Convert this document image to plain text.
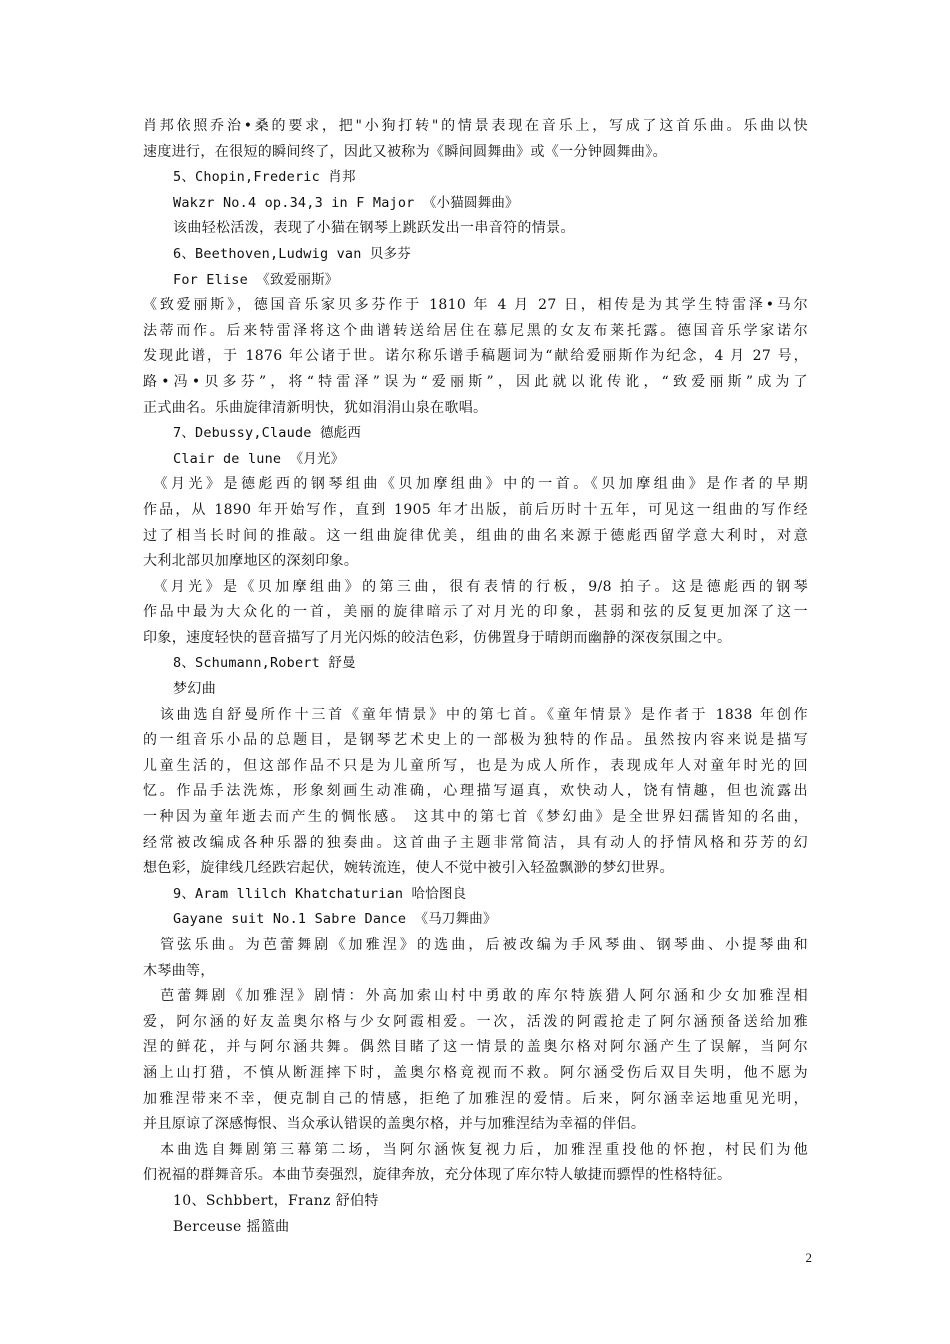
肖邦依照乔治•桑的要求，把"小狗打转"的情景表现在音乐上，写成了这首乐曲。乐曲以快
速度进行，在很短的瞬间终了，因此又被称为《瞬间圆舞曲》或《一分钟圆舞曲》。
5、Chopin,Frederic 肖邦
Wakzr No.4 op.34,3 in F Major 《小猫圆舞曲》
该曲轻松活泼，表现了小猫在钢琴上跳跃发出一串音符的情景。
6、Beethoven,Ludwig van 贝多芬
For Elise 《致爱丽斯》
《致爱丽斯》，德国音乐家贝多芬作于 1810 年 4 月 27 日，相传是为其学生特雷泽•马尔
法蒂而作。后来特雷泽将这个曲谱转送给居住在慕尼黑的女友布莱托露。德国音乐学家诺尔
发现此谱，于 1876 年公诸于世。诺尔称乐谱手稿题词为“献给爱丽斯作为纪念，4 月 27 号，
路•冯•贝多芬”，将“特雷泽”误为“爱丽斯”，因此就以讹传讹，“致爱丽斯”成为了
正式曲名。乐曲旋律清新明快，犹如涓涓山泉在歌唱。
7、Debussy,Claude 德彪西
Clair de lune 《月光》
　《月光》是德彪西的钢琴组曲《贝加摩组曲》中的一首。《贝加摩组曲》是作者的早期
作品，从 1890 年开始写作，直到 1905 年才出版，前后历时十五年，可见这一组曲的写作经
过了相当长时间的推敲。这一组曲旋律优美，组曲的曲名来源于德彪西留学意大利时，对意
大利北部贝加摩地区的深刻印象。
　《月光》是《贝加摩组曲》的第三曲，很有表情的行板，9/8 拍子。这是德彪西的钢琴
作品中最为大众化的一首，美丽的旋律暗示了对月光的印象，甚弱和弦的反复更加深了这一
印象，速度轻快的琶音描写了月光闪烁的皎洁色彩，仿佛置身于晴朗而幽静的深夜氛围之中。
8、Schumann,Robert 舒曼
梦幻曲
　该曲选自舒曼所作十三首《童年情景》中的第七首。《童年情景》是作者于 1838 年创作
的一组音乐小品的总题目，是钢琴艺术史上的一部极为独特的作品。虽然按内容来说是描写
儿童生活的，但这部作品不只是为儿童所写，也是为成人所作，表现成年人对童年时光的回
忆。作品手法洗炼，形象刻画生动准确，心理描写逼真，欢快动人，饶有情趣，但也流露出
一种因为童年逝去而产生的惆怅感。 这其中的第七首《梦幻曲》是全世界妇孺皆知的名曲，
经常被改编成各种乐器的独奏曲。这首曲子主题非常简洁，具有动人的抒情风格和芬芳的幻
想色彩，旋律线几经跌宕起伏，婉转流连，使人不觉中被引入轻盈飘渺的梦幻世界。
9、Aram llilch Khatchaturian 哈恰图良
Gayane suit No.1 Sabre Dance 《马刀舞曲》
　管弦乐曲。为芭蕾舞剧《加雅涅》的选曲，后被改编为手风琴曲、钢琴曲、小提琴曲和
木琴曲等，
　芭蕾舞剧《加雅涅》剧情：外高加索山村中勇敢的库尔特族猎人阿尔涵和少女加雅涅相
爱，阿尔涵的好友盖奥尔格与少女阿霞相爱。一次，活泼的阿霞抢走了阿尔涵预备送给加雅
涅的鲜花，并与阿尔涵共舞。偶然目睹了这一情景的盖奥尔格对阿尔涵产生了误解，当阿尔
涵上山打猎，不慎从断涯摔下时，盖奥尔格竟视而不救。阿尔涵受伤后双目失明，他不愿为
加雅涅带来不幸，便克制自己的情感，拒绝了加雅涅的爱情。后来，阿尔涵幸运地重见光明，
并且原谅了深感悔恨、当众承认错误的盖奥尔格，并与加雅涅结为幸福的伴侣。
　本曲选自舞剧第三幕第二场，当阿尔涵恢复视力后，加雅涅重投他的怀抱，村民们为他
们祝福的群舞音乐。本曲节奏强烈，旋律奔放，充分体现了库尔特人敏捷而骠悍的性格特征。
10、Schbbert，Franz 舒伯特
Berceuse 摇篮曲
2
